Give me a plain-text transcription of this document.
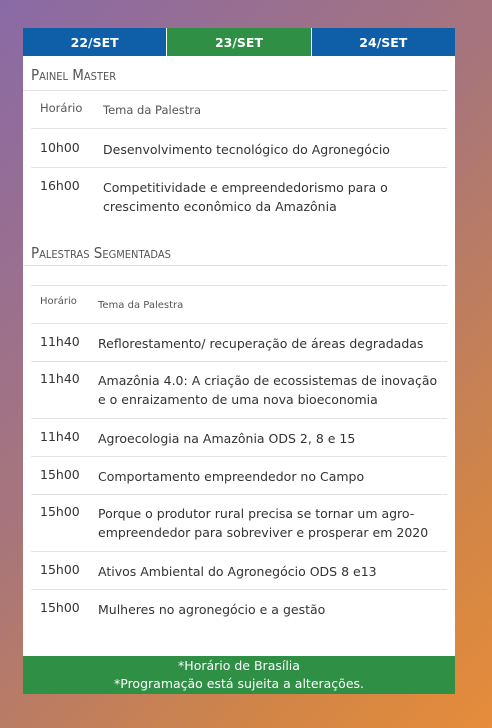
22/SET	23/SET	24/SET
Painel Master
Horário	Tema da Palestra
10h00	Desenvolvimento tecnológico do Agronegócio
16h00	Competitividade e empreendedorismo para o crescimento econômico da Amazônia
Palestras Segmentadas
Horário	Tema da Palestra
11h40	Reflorestamento/ recuperação de áreas degradadas
11h40	Amazônia 4.0: A criação de ecossistemas de inovação e o enraizamento de uma nova bioeconomia
11h40	Agroecologia na Amazônia ODS 2, 8 e 15
15h00	Comportamento empreendedor no Campo
15h00	Porque o produtor rural precisa se tornar um agro-empreendedor para sobreviver e prosperar em 2020
15h00	Ativos Ambiental do Agronegócio ODS 8 e13
15h00	Mulheres no agronegócio e a gestão
*Horário de Brasília
*Programação está sujeita a alterações.
